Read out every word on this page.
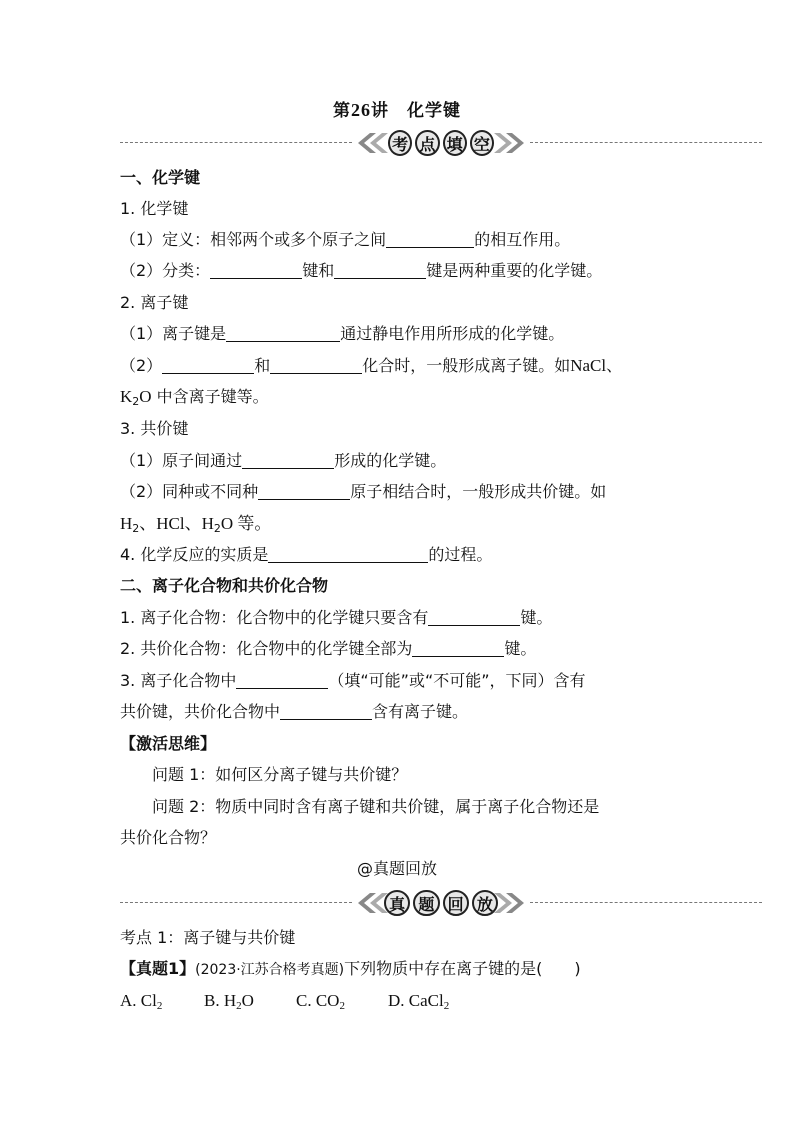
第26讲　化学键
考 点 填 空
一、化学键
1. 化学键
（1）定义：相邻两个或多个原子之间	的相互作用。
（2）分类：	键和	键是两种重要的化学键。
2. 离子键
（1）离子键是	通过静电作用所形成的化学键。
（2）	和	化合时，一般形成离子键。如NaCl、
$K_2O$ 中含离子键等。
3. 共价键
（1）原子间通过	形成的化学键。
（2）同种或不同种	原子相结合时，一般形成共价键。如
$H_2$、HCl、$H_2O$ 等。
4. 化学反应的实质是	的过程。
二、离子化合物和共价化合物
1. 离子化合物：化合物中的化学键只要含有	键。
2. 共价化合物：化合物中的化学键全部为	键。
3. 离子化合物中	（填“可能”或“不可能”，下同）含有
共价键，共价化合物中	含有离子键。
【激活思维】
问题 1：如何区分离子键与共价键？
问题 2：物质中同时含有离子键和共价键，属于离子化合物还是
共价化合物？
@真题回放
真 题 回 放
考点 1：离子键与共价键
【真题1】(2023·江苏合格考真题)下列物质中存在离子键的是(　　)
A. $Cl_2$ B. $H_2O$ C. $CO_2$	D. CaCl$_2$
